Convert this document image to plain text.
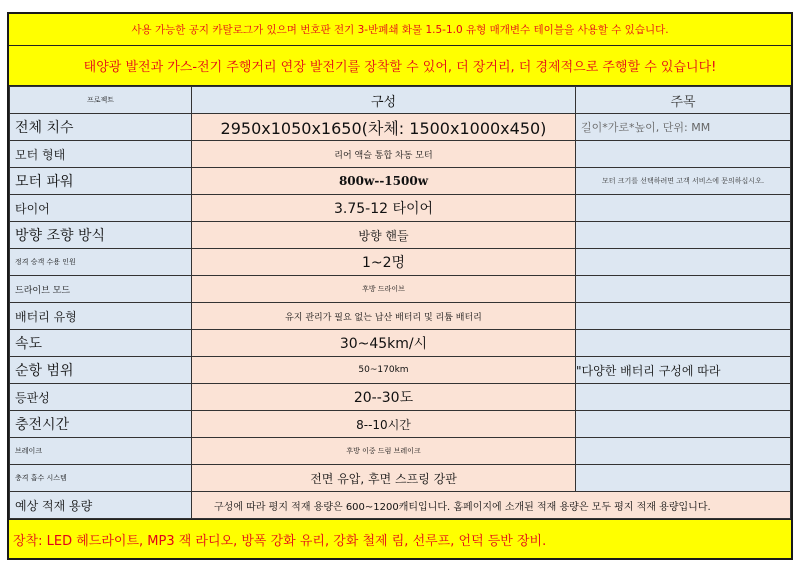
사용 가능한 공지 카탈로그가 있으며 번호판 전기 3-반폐쇄 화물 1.5-1.0 유형 매개변수 테이블을 사용할 수 있습니다.
태양광 발전과 가스-전기 주행거리 연장 발전기를 장착할 수 있어, 더 장거리, 더 경제적으로 주행할 수 있습니다!
프로젝트	구성	주목
전체 치수	2950x1050x1650(차체: 1500x1000x450)	길이*가로*높이, 단위: MM
모터 형태	리어 액슬 통합 차동 모터	
모터 파워	800w--1500w	모터 크기를 선택하려면 고객 서비스에 문의하십시오.
타이어	3.75-12 타이어	
방향 조향 방식	방향 핸들	
정격 승객 수용 인원	1~2명	
드라이브 모드	후방 드라이브	
배터리 유형	유지 관리가 필요 없는 납산 배터리 및 리튬 배터리	
속도	30~45km/시	
순항 범위	50~170km	"다양한 배터리 구성에 따라
등판성	20--30도	
충전시간	8--10시간	
브레이크	후방 이중 드럼 브레이크	
충격 흡수 시스템	전면 유압, 후면 스프링 강판	
예상 적재 용량	구성에 따라 평지 적재 용량은 600~1200캐티입니다. 홈페이지에 소개된 적재 용량은 모두 평지 적재 용량입니다.	
장착: LED 헤드라이트, MP3 잭 라디오, 방폭 강화 유리, 강화 철제 림, 선루프, 언덕 등반 장비.
